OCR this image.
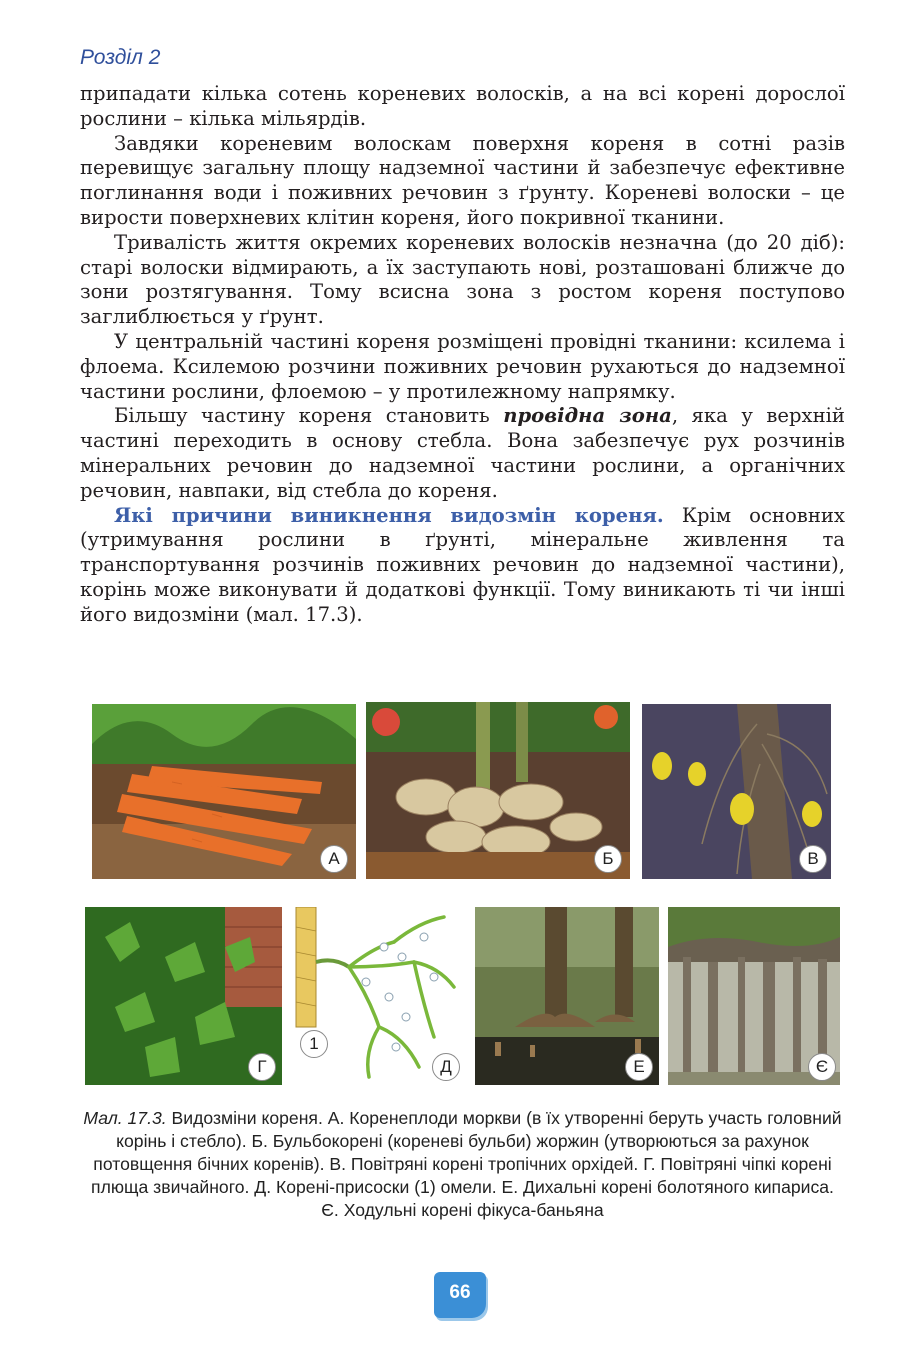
Розділ 2

припадати кілька сотень кореневих волосків, а на всі корені дорослої рослини – кілька мільярдів.

Завдяки кореневим волоскам поверхня кореня в сотні разів перевищує загальну площу надземної частини й забезпечує ефективне поглинання води і поживних речовин з ґрунту. Кореневі волоски – це вирости поверхневих клітин кореня, його покривної тканини.

Тривалість життя окремих кореневих волосків незначна (до 20 діб): старі волоски відмирають, а їх заступають нові, розташовані ближче до зони розтягування. Тому всисна зона з ростом кореня поступово заглиблюється у ґрунт.

У центральній частині кореня розміщені провідні тканини: ксилема і флоема. Ксилемою розчини поживних речовин рухаються до надземної частини рослини, флоемою – у протилежному напрямку.

Більшу частину кореня становить провідна зона, яка у верхній частині переходить в основу стебла. Вона забезпечує рух розчинів мінеральних речовин до надземної частини рослини, а органічних речовин, навпаки, від стебла до кореня.

Які причини виникнення видозмін кореня. Крім основних (утримування рослини в ґрунті, мінеральне живлення та транспортування розчинів поживних речовин до надземної частини), корінь може виконувати й додаткові функції. Тому виникають ті чи інші його видозміни (мал. 17.3).

А	Б	В
Г
1
Д	Е	Є
Мал. 17.3. Видозміни кореня. А. Коренеплоди моркви (в їх утворенні беруть участь головний корінь і стебло). Б. Бульбокорені (кореневі бульби) жоржин (утворюються за рахунок потовщення бічних коренів). В. Повітряні корені тропічних орхідей. Г. Повітряні чіпкі корені плюща звичайного. Д. Корені-присоски (1) омели. Е. Дихальні корені болотяного кипариса. Є. Ходульні корені фікуса-баньяна
66
